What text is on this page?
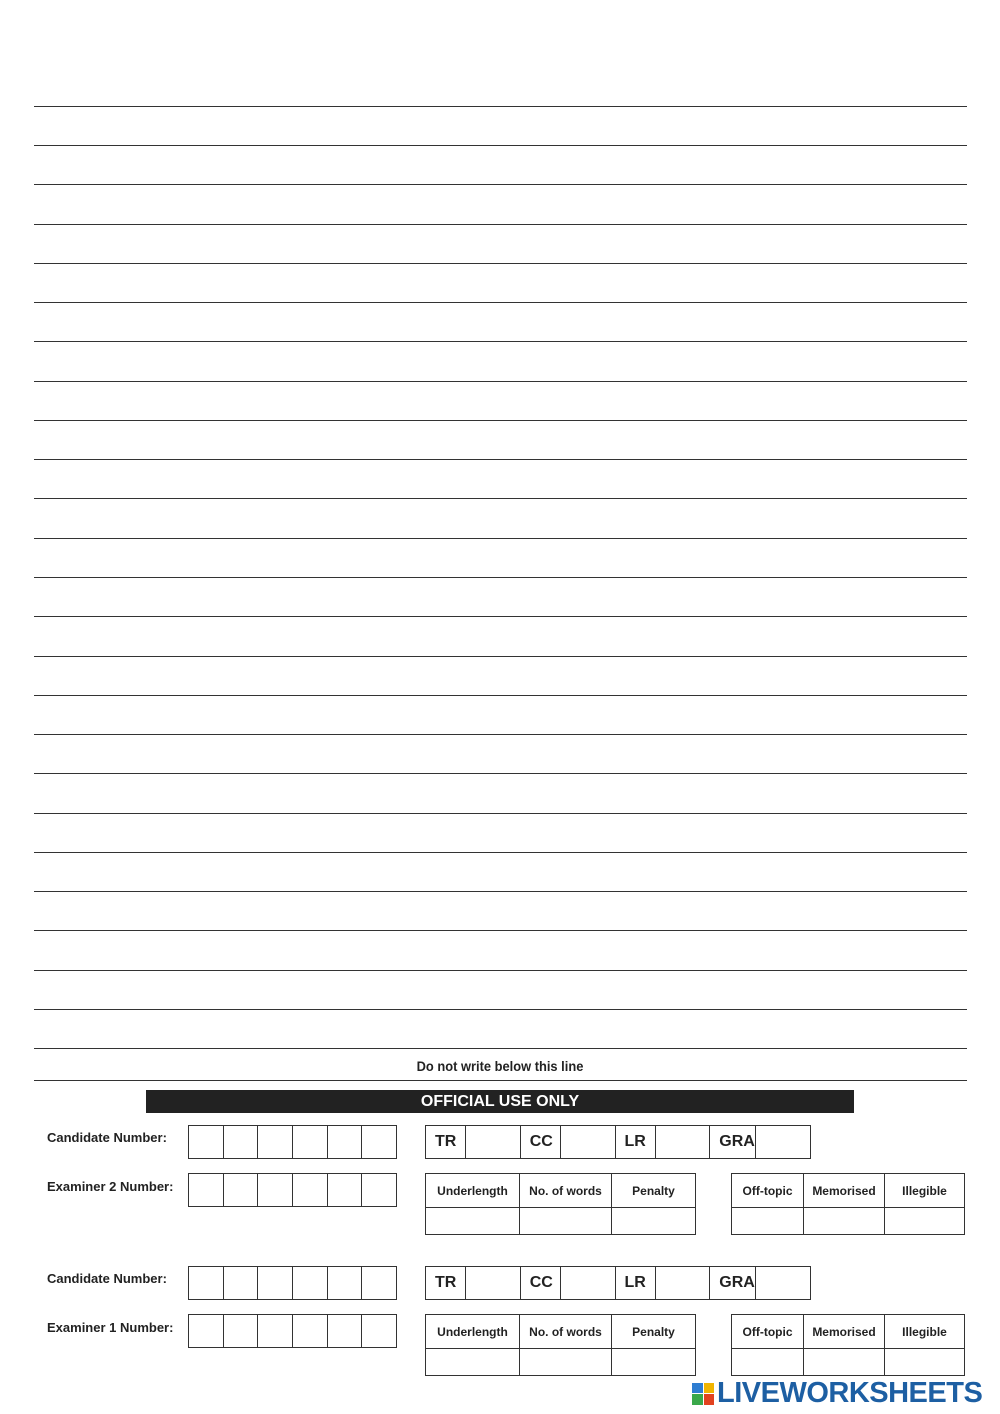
Do not write below this line
OFFICIAL USE ONLY
Candidate Number:	TR	CC	LR	GRA
Examiner 2 Number:	Underlength	No. of words	Penalty	Off-topic	Memorised	Illegible
Candidate Number:	TR	CC	LR	GRA
Examiner 1 Number:	Underlength	No. of words	Penalty	Off-topic	Memorised	Illegible
LIVEWORKSHEETS
